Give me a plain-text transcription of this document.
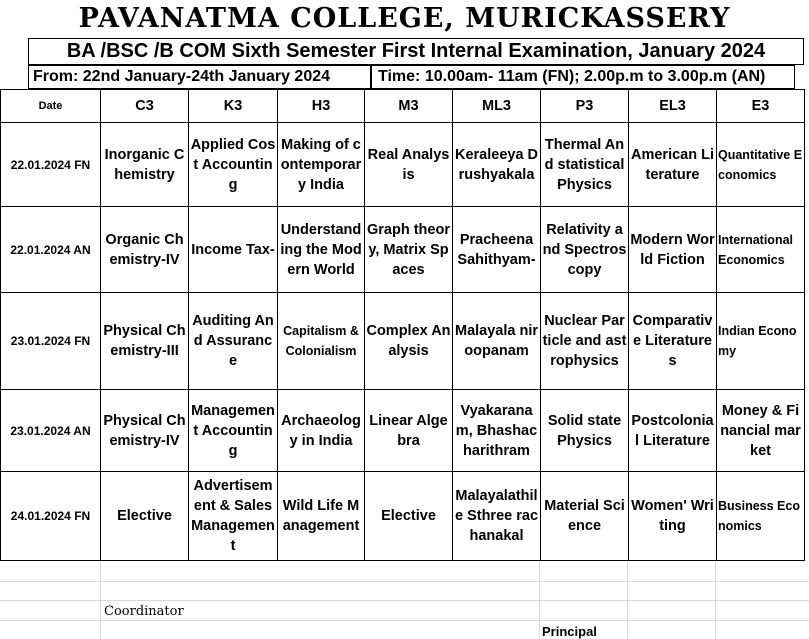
PAVANATMA COLLEGE, MURICKASSERY
BA /BSC /B COM Sixth Semester First Internal Examination, January 2024
From: 22nd January-24th January 2024	Time: 10.00am- 11am (FN); 2.00p.m to 3.00p.m (AN)
Date	C3	K3	H3	M3	ML3	P3	EL3	E3
22.01.2024 FN	Inorganic Chemistry	Applied Cost Accounting	Making of contemporary India	Real Analysis	Keraleeya Drushyakala	Thermal And statistical Physics	American Literature	Quantitative Economics
22.01.2024 AN	Organic Chemistry-IV	Income Tax-	Understanding the Modern World	Graph theory, Matrix Spaces	Pracheena Sahithyam-	Relativity and Spectroscopy	Modern World Fiction	International Economics
23.01.2024 FN	Physical Chemistry-III	Auditing And Assurance	Capitalism & Colonialism	Complex Analysis	Malayala niroopanam	Nuclear Particle and astrophysics	Comparative Literatures	Indian Economy
23.01.2024 AN	Physical Chemistry-IV	Management Accounting	Archaeology in India	Linear Algebra	Vyakaranam, Bhashacharithram	Solid state Physics	Postcolonial Literature	Money & Financial market
24.01.2024 FN	Elective	Advertisement & Sales Management	Wild Life Management	Elective	Malayalathile Sthree rachanakal	Material Science	Women' Writing	Business Economics
Coordinator
Principal
